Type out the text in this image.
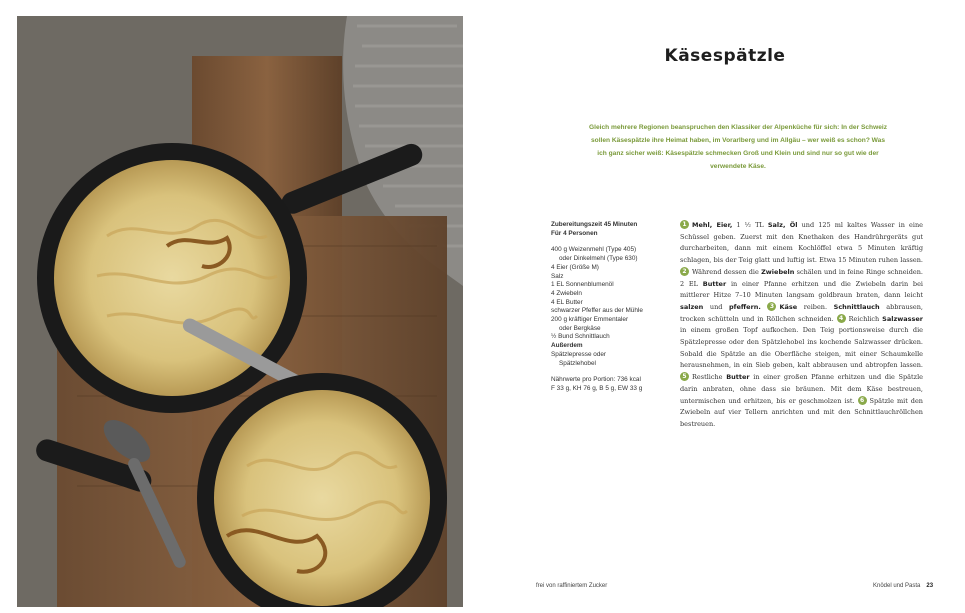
Käsespätzle
Gleich mehrere Regionen beanspruchen den Klassiker der Alpenküche für sich: In der Schweiz sollen Käsespätzle ihre Heimat haben, im Vorarlberg und im Allgäu – wer weiß es schon? Was ich ganz sicher weiß: Käsespätzle schmecken Groß und Klein und sind nur so gut wie der verwendete Käse.
Zubereitungszeit 45 Minuten
Für 4 Personen
400 g Weizenmehl (Type 405)
oder Dinkelmehl (Type 630)
4 Eier (Größe M)
Salz
1 EL Sonnenblumenöl
4 Zwiebeln
4 EL Butter
schwarzer Pfeffer aus der Mühle
200 g kräftiger Emmentaler
oder Bergkäse
½ Bund Schnittlauch
Außerdem
Spätzlepresse oder
Spätzlehobel
Nährwerte pro Portion: 736 kcal
F 33 g, KH 76 g, B 5 g, EW 33 g
1 Mehl, Eier, 1 ½ TL Salz, Öl und 125 ml kaltes Wasser in eine Schüssel geben. Zuerst mit den Knethaken des Handrührgeräts gut durcharbeiten, dann mit einem Kochlöffel etwa 5 Minuten kräftig schlagen, bis der Teig glatt und luftig ist. Etwa 15 Minuten ruhen lassen. 2 Während dessen die Zwiebeln schälen und in feine Ringe schneiden. 2 EL Butter in einer Pfanne erhitzen und die Zwiebeln darin bei mittlerer Hitze 7–10 Minuten langsam goldbraun braten, dann leicht salzen und pfeffern. 3 Käse reiben. Schnittlauch abbrausen, trocken schütteln und in Röllchen schneiden. 4 Reichlich Salzwasser in einem großen Topf aufkochen. Den Teig portionsweise durch die Spätzlepresse oder den Spätzlehobel ins kochende Salzwasser drücken. Sobald die Spätzle an die Oberfläche steigen, mit einer Schaumkelle herausnehmen, in ein Sieb geben, kalt abbrausen und abtropfen lassen. 5 Restliche Butter in einer großen Pfanne erhitzen und die Spätzle darin anbraten, ohne dass sie bräunen. Mit dem Käse bestreuen, untermischen und erhitzen, bis er geschmolzen ist. 6 Spätzle mit den Zwiebeln auf vier Tellern anrichten und mit den Schnittlauchröllchen bestreuen.
frei von raffiniertem Zucker	Knödel und Pasta 23
